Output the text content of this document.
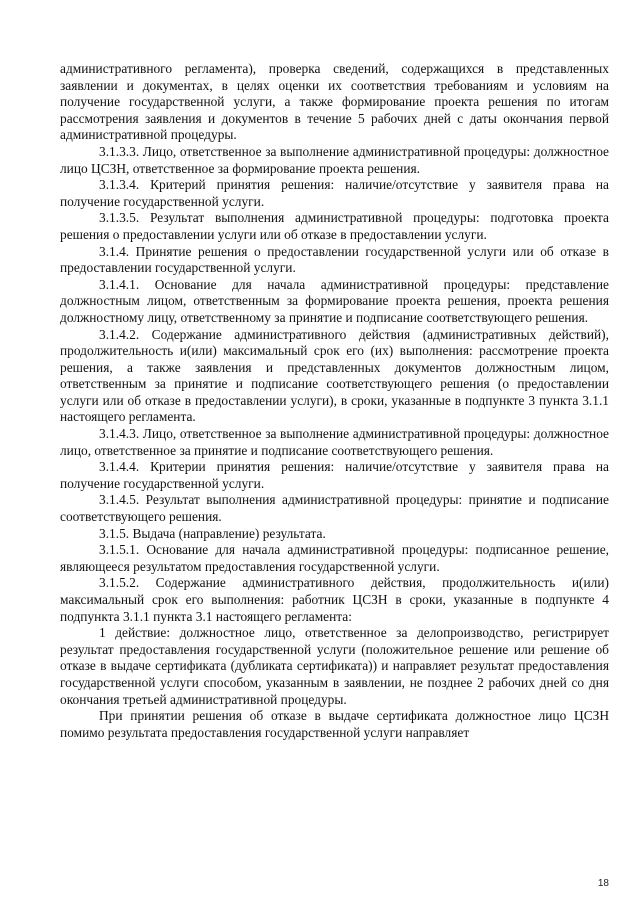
административного регламента), проверка сведений, содержащихся в представленных заявлении и документах, в целях оценки их соответствия требованиям и условиям на получение государственной услуги, а также формирование проекта решения по итогам рассмотрения заявления и документов в течение 5 рабочих дней с даты окончания первой административной процедуры.

3.1.3.3. Лицо, ответственное за выполнение административной процедуры: должностное лицо ЦСЗН, ответственное за формирование проекта решения.

3.1.3.4. Критерий принятия решения: наличие/отсутствие у заявителя права на получение государственной услуги.

3.1.3.5. Результат выполнения административной процедуры: подготовка проекта решения о предоставлении услуги или об отказе в предоставлении услуги.

3.1.4. Принятие решения о предоставлении государственной услуги или об отказе в предоставлении государственной услуги.

3.1.4.1. Основание для начала административной процедуры: представление должностным лицом, ответственным за формирование проекта решения, проекта решения должностному лицу, ответственному за принятие и подписание соответствующего решения.

3.1.4.2. Содержание административного действия (административных действий), продолжительность и(или) максимальный срок его (их) выполнения: рассмотрение проекта решения, а также заявления и представленных документов должностным лицом, ответственным за принятие и подписание соответствующего решения (о предоставлении услуги или об отказе в предоставлении услуги), в сроки, указанные в подпункте 3 пункта 3.1.1 настоящего регламента.

3.1.4.3. Лицо, ответственное за выполнение административной процедуры: должностное лицо, ответственное за принятие и подписание соответствующего решения.

3.1.4.4. Критерии принятия решения: наличие/отсутствие у заявителя права на получение государственной услуги.

3.1.4.5. Результат выполнения административной процедуры: принятие и подписание соответствующего решения.

3.1.5. Выдача (направление) результата.

3.1.5.1. Основание для начала административной процедуры: подписанное решение, являющееся результатом предоставления государственной услуги.

3.1.5.2. Содержание административного действия, продолжительность и(или) максимальный срок его выполнения: работник ЦСЗН в сроки, указанные в подпункте 4 подпункта 3.1.1 пункта 3.1 настоящего регламента:

1 действие: должностное лицо, ответственное за делопроизводство, регистрирует результат предоставления государственной услуги (положительное решение или решение об отказе в выдаче сертификата (дубликата сертификата)) и направляет результат предоставления государственной услуги способом, указанным в заявлении, не позднее 2 рабочих дней со дня окончания третьей административной процедуры.

При принятии решения об отказе в выдаче сертификата должностное лицо ЦСЗН помимо результата предоставления государственной услуги направляет

18
